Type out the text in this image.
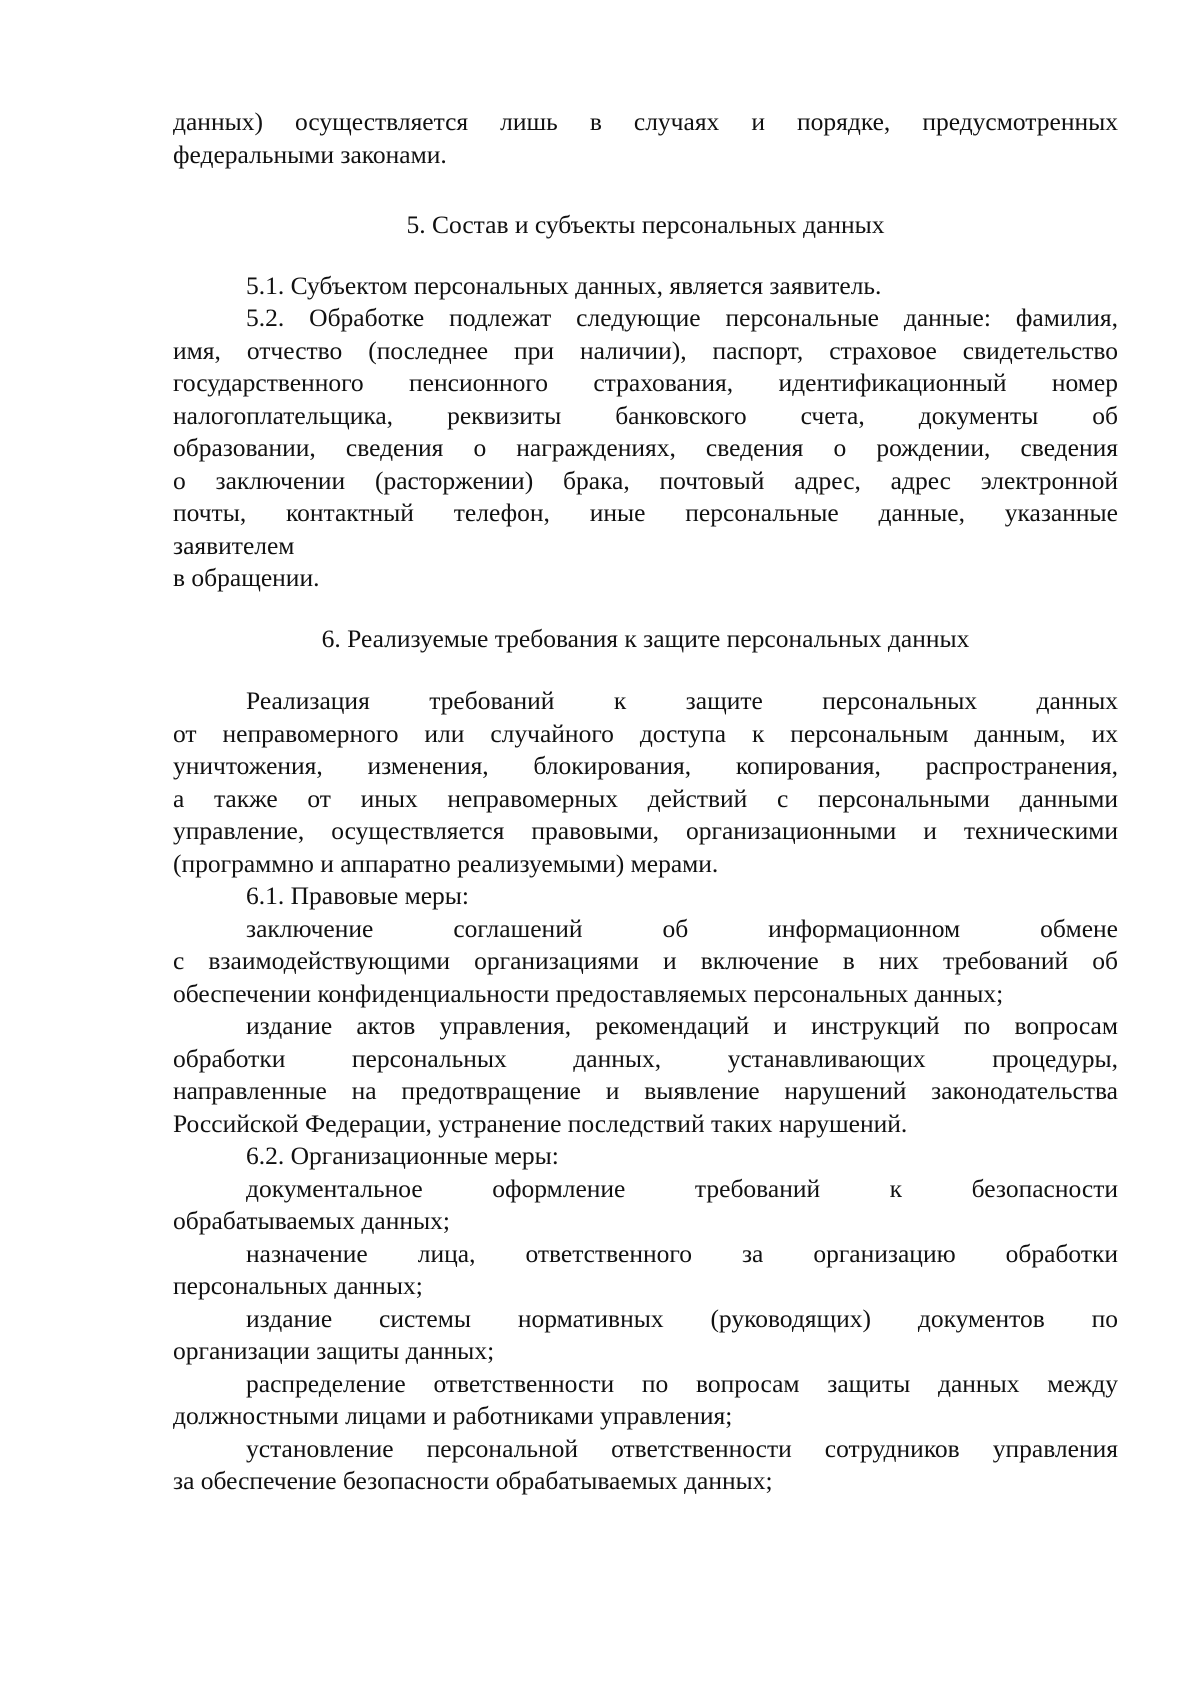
данных) осуществляется лишь в случаях и порядке, предусмотренных

федеральными законами.

5. Состав и субъекты персональных данных

5.1. Субъектом персональных данных, является заявитель.

5.2. Обработке подлежат следующие персональные данные: фамилия,

имя, отчество (последнее при наличии), паспорт, страховое свидетельство

государственного пенсионного страхования, идентификационный номер

налогоплательщика, реквизиты банковского счета, документы об

образовании, сведения о награждениях, сведения о рождении, сведения

о заключении (расторжении) брака, почтовый адрес, адрес электронной

почты, контактный телефон, иные персональные данные, указанные

заявителем

в обращении.

6. Реализуемые требования к защите персональных данных

Реализация требований к защите персональных данных

от неправомерного или случайного доступа к персональным данным, их

уничтожения, изменения, блокирования, копирования, распространения,

а также от иных неправомерных действий с персональными данными

управление, осуществляется правовыми, организационными и техническими

(программно и аппаратно реализуемыми) мерами.

6.1. Правовые меры:

заключение соглашений об информационном обмене

с взаимодействующими организациями и включение в них требований об

обеспечении конфиденциальности предоставляемых персональных данных;

издание актов управления, рекомендаций и инструкций по вопросам

обработки персональных данных, устанавливающих процедуры,

направленные на предотвращение и выявление нарушений законодательства

Российской Федерации, устранение последствий таких нарушений.

6.2. Организационные меры:

документальное оформление требований к безопасности

обрабатываемых данных;

назначение лица, ответственного за организацию обработки

персональных данных;

издание системы нормативных (руководящих) документов по

организации защиты данных;

распределение ответственности по вопросам защиты данных между

должностными лицами и работниками управления;

установление персональной ответственности сотрудников управления

за обеспечение безопасности обрабатываемых данных;
